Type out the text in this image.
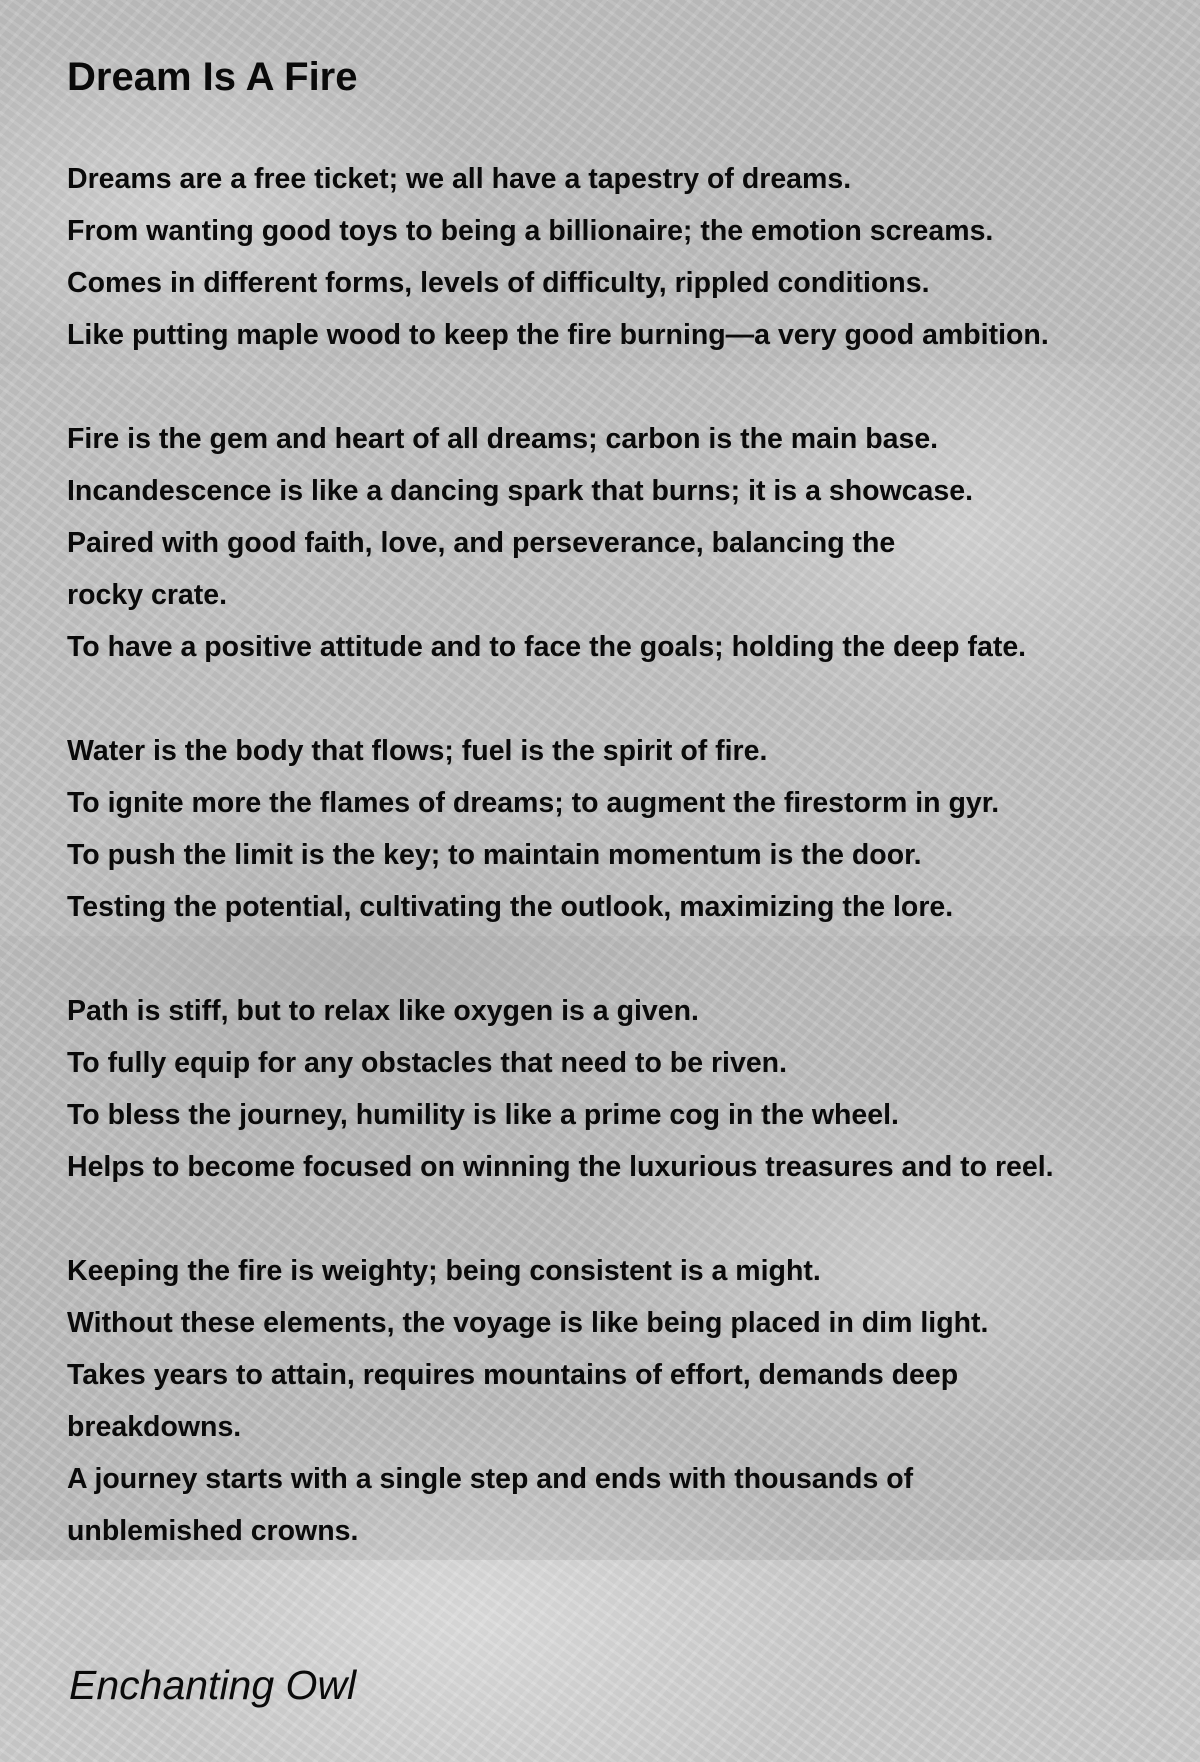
Dream Is A Fire
Dreams are a free ticket; we all have a tapestry of dreams.
From wanting good toys to being a billionaire; the emotion screams.
Comes in different forms, levels of difficulty, rippled conditions.
Like putting maple wood to keep the fire burning—a very good ambition.
Fire is the gem and heart of all dreams; carbon is the main base.
Incandescence is like a dancing spark that burns; it is a showcase.
Paired with good faith, love, and perseverance, balancing the
rocky crate.
To have a positive attitude and to face the goals; holding the deep fate.
Water is the body that flows; fuel is the spirit of fire.
To ignite more the flames of dreams; to augment the firestorm in gyr.
To push the limit is the key; to maintain momentum is the door.
Testing the potential, cultivating the outlook, maximizing the lore.
Path is stiff, but to relax like oxygen is a given.
To fully equip for any obstacles that need to be riven.
To bless the journey, humility is like a prime cog in the wheel.
Helps to become focused on winning the luxurious treasures and to reel.
Keeping the fire is weighty; being consistent is a might.
Without these elements, the voyage is like being placed in dim light.
Takes years to attain, requires mountains of effort, demands deep
breakdowns.
A journey starts with a single step and ends with thousands of
unblemished crowns.
Enchanting Owl
